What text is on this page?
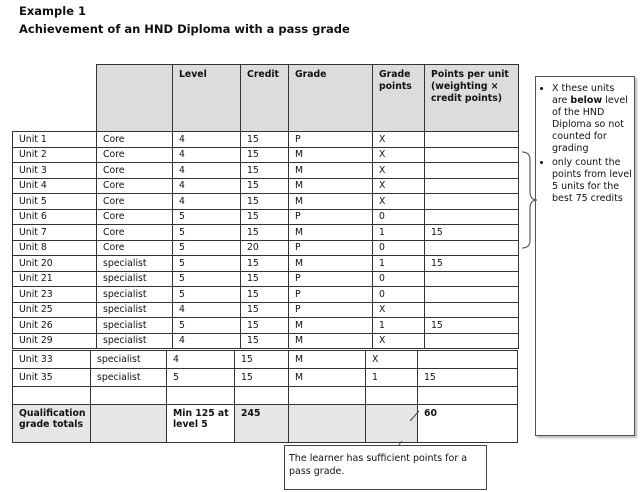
Example 1
Achievement of an HND Diploma with a pass grade
		Level	Credit	Grade	Grade points	Points per unit (weighting × credit points)
Unit 1	Core	4	15	P	X	
Unit 2	Core	4	15	M	X	
Unit 3	Core	4	15	M	X	
Unit 4	Core	4	15	M	X	
Unit 5	Core	4	15	M	X	
Unit 6	Core	5	15	P	0	
Unit 7	Core	5	15	M	1	15
Unit 8	Core	5	20	P	0	
Unit 20	specialist	5	15	M	1	15
Unit 21	specialist	5	15	P	0	
Unit 23	specialist	5	15	P	0	
Unit 25	specialist	4	15	P	X	
Unit 26	specialist	5	15	M	1	15
Unit 29	specialist	4	15	M	X	
Unit 33	specialist	4	15	M	X	
Unit 35	specialist	5	15	M	1	15

Qualification grade totals		Min 125 at level 5	245			60
• X these units are below level of the HND Diploma so not counted for grading
• only count the points from level 5 units for the best 75 credits
The learner has sufficient points for a pass grade.
